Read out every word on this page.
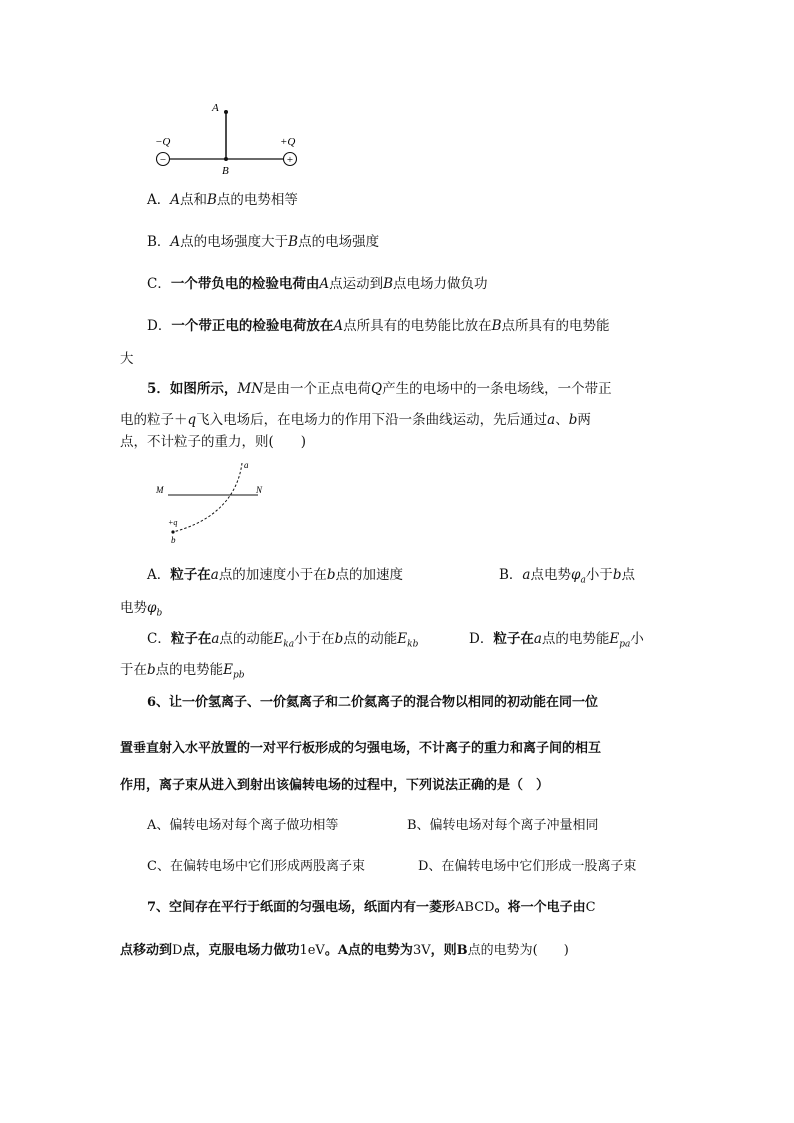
−	+
A
B
−Q	+Q
A．A点和B点的电势相等
B．A点的电场强度大于B点的电场强度
C．一个带负电的检验电荷由A点运动到B点电场力做负功
D．一个带正电的检验电荷放在A点所具有的电势能比放在B点所具有的电势能
大
5．如图所示，MN是由一个正点电荷Q产生的电场中的一条电场线，一个带正
电的粒子＋q飞入电场后，在电场力的作用下沿一条曲线运动，先后通过a、b两
点，不计粒子的重力，则(　　)
M	N
a
+q
b
A．粒子在a点的加速度小于在b点的加速度	B．a点电势$\varphi_a$小于b点
电势$\varphi_b$
C．粒子在a点的动能$E_{ka}$小于在b点的动能$E_{kb}$	D．粒子在a点的电势能$E_{pa}$小
于在b点的电势能$E_{pb}$
6、让一价氢离子、一价氦离子和二价氦离子的混合物以相同的初动能在同一位
置垂直射入水平放置的一对平行板形成的匀强电场，不计离子的重力和离子间的相互
作用，离子束从进入到射出该偏转电场的过程中，下列说法正确的是（　）
A、偏转电场对每个离子做功相等	B、偏转电场对每个离子冲量相同
C、在偏转电场中它们形成两股离子束	D、在偏转电场中它们形成一股离子束
7、空间存在平行于纸面的匀强电场，纸面内有一菱形ABCD。将一个电子由C
点移动到D点，克服电场力做功1eV。A点的电势为3V，则B点的电势为(　　)
